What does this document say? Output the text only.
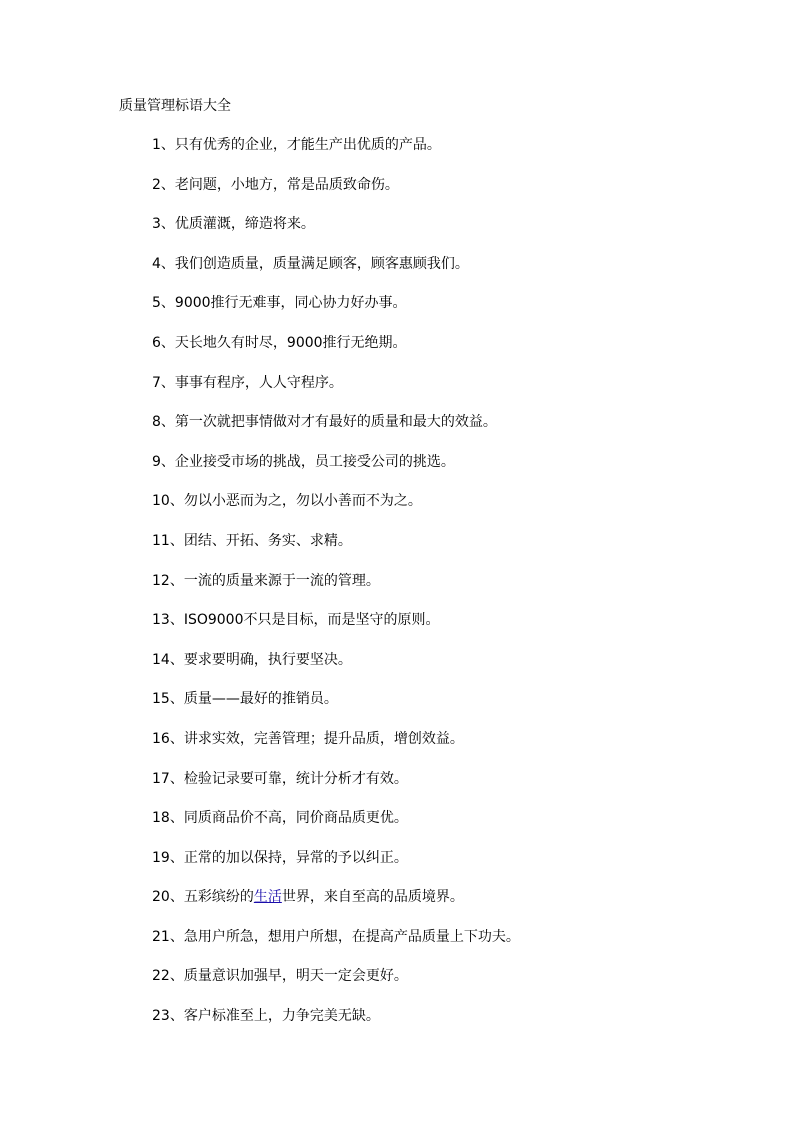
质量管理标语大全
1、只有优秀的企业，才能生产出优质的产品。
2、老问题，小地方，常是品质致命伤。
3、优质灌溉，缔造将来。
4、我们创造质量，质量满足顾客，顾客惠顾我们。
5、9000推行无难事，同心协力好办事。
6、天长地久有时尽，9000推行无绝期。
7、事事有程序，人人守程序。
8、第一次就把事情做对才有最好的质量和最大的效益。
9、企业接受市场的挑战，员工接受公司的挑选。
10、勿以小恶而为之，勿以小善而不为之。
11、团结、开拓、务实、求精。
12、一流的质量来源于一流的管理。
13、ISO9000不只是目标，而是坚守的原则。
14、要求要明确，执行要坚决。
15、质量——最好的推销员。
16、讲求实效，完善管理；提升品质，增创效益。
17、检验记录要可靠，统计分析才有效。
18、同质商品价不高，同价商品质更优。
19、正常的加以保持，异常的予以纠正。
20、五彩缤纷的生活世界，来自至高的品质境界。
21、急用户所急，想用户所想，在提高产品质量上下功夫。
22、质量意识加强早，明天一定会更好。
23、客户标准至上，力争完美无缺。
